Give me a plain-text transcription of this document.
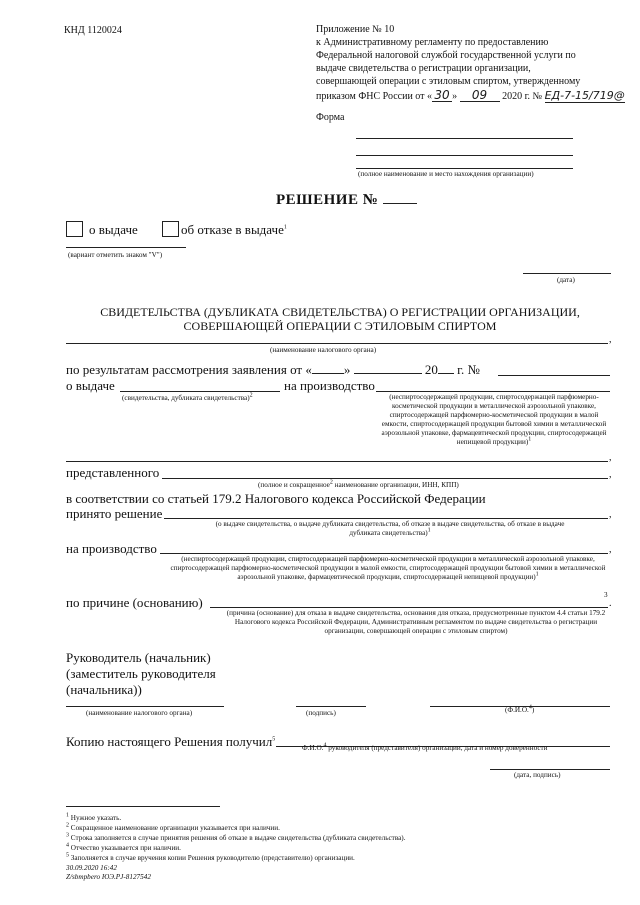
КНД 1120024	Приложение № 10
к Административному регламенту по предоставлению
Федеральной налоговой службой государственной услуги по
выдаче свидетельства о регистрации организации,
совершающей операции с этиловым спиртом, утвержденному
приказом ФНС России от « 30 » 09 2020 г. № ЕД-7-15/719@
Форма
(полное наименование и место нахождения организации)
РЕШЕНИЕ №
о выдаче	об отказе в выдаче$^1$
(вариант отметить знаком "V")
(дата)
СВИДЕТЕЛЬСТВА (ДУБЛИКАТА СВИДЕТЕЛЬСТВА) О РЕГИСТРАЦИИ ОРГАНИЗАЦИИ,
СОВЕРШАЮЩЕЙ ОПЕРАЦИИ С ЭТИЛОВЫМ СПИРТОМ
,
(наименование налогового органа)
по результатам рассмотрения заявления от « »	20 г. №
о выдаче	на производство
(свидетельства, дубликата свидетельства)$^2$	(неспиртосодержащей продукции, спиртосодержащей парфюмерно-косметической продукции в металлической аэрозольной упаковке, спиртосодержащей парфюмерно-косметической продукции в малой емкости, спиртосодержащей продукции бытовой химии в металлической аэрозольной упаковке, фармацевтической продукции, спиртосодержащей непищевой продукции)$^1$
,
представленного	,
(полное и сокращенное$^2$ наименование организации, ИНН, КПП)
в соответствии со статьей 179.2 Налогового кодекса Российской Федерации
принято решение	,
(о выдаче свидетельства, о выдаче дубликата свидетельства, об отказе в выдаче свидетельства, об отказе в выдаче дубликата свидетельства)$^1$
на производство	,
(неспиртосодержащей продукции, спиртосодержащей парфюмерно-косметической продукции в металлической аэрозольной упаковке, спиртосодержащей парфюмерно-косметической продукции в малой емкости, спиртосодержащей продукции бытовой химии в металлической аэрозольной упаковке, фармацевтической продукции, спиртосодержащей непищевой продукции)$^1$
по причине (основанию)	3
.
(причина (основание) для отказа в выдаче свидетельства, основания для отказа, предусмотренные пунктом 4.4 статьи 179.2 Налогового кодекса Российской Федерации, Административным регламентом по выдаче свидетельства о регистрации организации, совершающей операции с этиловым спиртом)
Руководитель (начальник)
(заместитель руководителя
(начальника))
(наименование налогового органа)	(подпись)	(Ф.И.О.$^4$)
Копию настоящего Решения получил$^5$
Ф.И.О.$^4$ руководителя (представителя) организации, дата и номер доверенности
(дата, подпись)
$^1$ Нужное указать.
$^2$ Сокращенное наименование организации указывается при наличии.
$^3$ Строка заполняется в случае принятия решения об отказе в выдаче свидетельства (дубликата свидетельства).
$^4$ Отчество указывается при наличии.
$^5$ Заполняется в случае вручения копии Решения руководителю (представителю) организации.
30.09.2020 16:42
Z/sbmpbero ЮЭ.PJ-8127542
